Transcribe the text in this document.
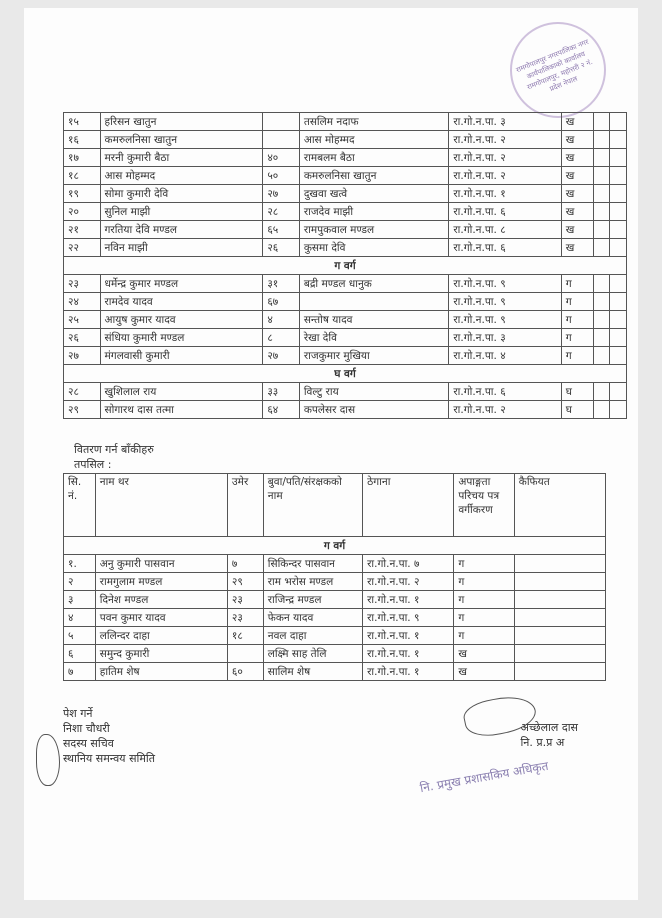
रामगोपालपुर नगरपालिका नगर कार्यपालिकाको कार्यालय रामगोपालपुर, महोत्तरी २ नं. प्रदेश नेपाल
१५	हरिसन खातुन		तसलिम नदाफ	रा.गो.न.पा. ३	ख		
१६	कमरुलनिसा खातुन		आस मोहम्मद	रा.गो.न.पा. २	ख		
१७	मरनी कुमारी बैठा	४०	रामबलम बैठा	रा.गो.न.पा. २	ख		
१८	आस मोहम्मद	५०	कमरुलनिसा खातुन	रा.गो.न.पा. २	ख		
१९	सोमा कुमारी देवि	२७	दुखवा खत्वे	रा.गो.न.पा. १	ख		
२०	सुनिल माझी	२८	राजदेव माझी	रा.गो.न.पा. ६	ख		
२१	गरतिया देवि मण्डल	६५	रामपुकवाल मण्डल	रा.गो.न.पा. ८	ख		
२२	नविन माझी	२६	कुसमा देवि	रा.गो.न.पा. ६	ख		
ग वर्ग							
२३	धर्मेन्द्र कुमार मण्डल	३१	बद्री मण्डल धानुक	रा.गो.न.पा. ९	ग		
२४	रामदेव यादव	६७		रा.गो.न.पा. ९	ग		
२५	आयुष कुमार यादव	४	सन्तोष यादव	रा.गो.न.पा. ९	ग		
२६	संधिया कुमारी मण्डल	८	रेखा देवि	रा.गो.न.पा. ३	ग		
२७	मंगलवासी कुमारी	२७	राजकुमार मुखिया	रा.गो.न.पा. ४	ग		
घ वर्ग							
२८	खुशिलाल राय	३३	विल्टु राय	रा.गो.न.पा. ६	घ		
२९	सोगारथ दास तत्मा	६४	कपलेसर दास	रा.गो.न.पा. २	घ		
वितरण गर्न बाँकीहरु
तपसिल :
सि. नं.	नाम थर	उमेर	बुवा/पति/संरक्षकको नाम	ठेगाना	अपाङ्गता परिचय पत्र वर्गीकरण	कैफियत
ग वर्ग						
१.	अनु कुमारी पासवान	७	सिकिन्दर पासवान	रा.गो.न.पा. ७	ग	
२	रामगुलाम मण्डल	२९	राम भरोस मण्डल	रा.गो.न.पा. २	ग	
३	दिनेश मण्डल	२३	राजिन्द्र मण्डल	रा.गो.न.पा. १	ग	
४	पवन कुमार यादव	२३	फेकन यादव	रा.गो.न.पा. ९	ग	
५	ललिन्दर दाहा	१८	नवल दाहा	रा.गो.न.पा. १	ग	
६	समुन्द कुमारी		लक्ष्मि साह तेलि	रा.गो.न.पा. १	ख	
७	हातिम शेष	६०	सालिम शेष	रा.गो.न.पा. १	ख	
पेश गर्ने
निशा चौधरी
सदस्य सचिव
स्थानिय समन्वय समिति
अच्छेलाल दास
नि. प्र.प्र अ
नि. प्रमुख प्रशासकिय अधिकृत
